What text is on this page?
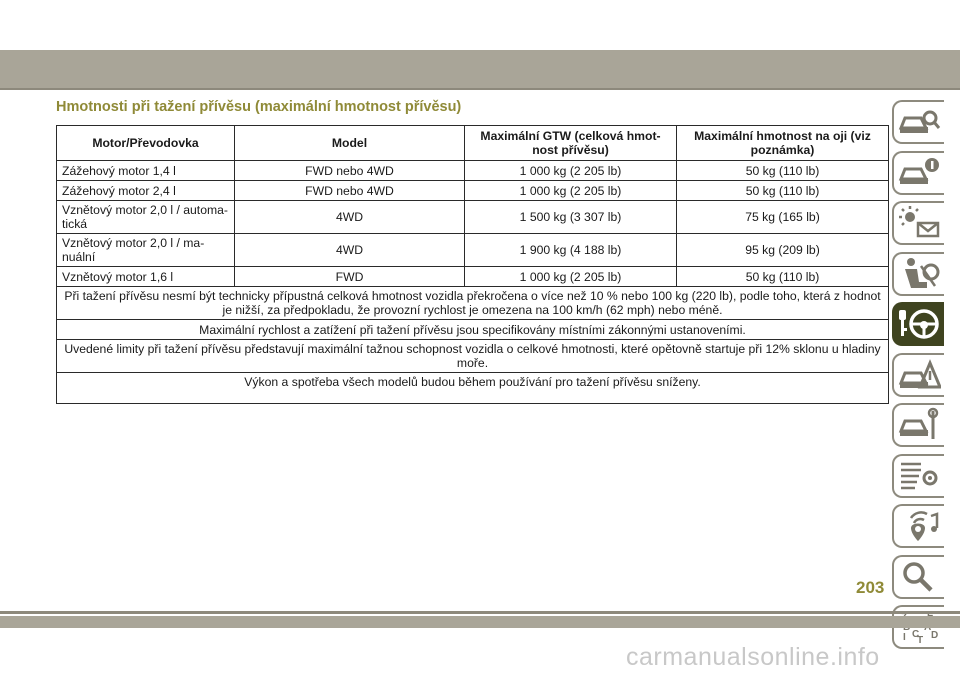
Hmotnosti při tažení přívěsu (maximální hmotnost přívěsu)
Motor/Převodovka	Model	Maximální GTW (celková hmotnost přívěsu)	Maximální hmotnost na oji (viz poznámka)
Zážehový motor 1,4 l	FWD nebo 4WD	1 000 kg (2 205 lb)	50 kg (110 lb)
Zážehový motor 2,4 l	FWD nebo 4WD	1 000 kg (2 205 lb)	50 kg (110 lb)
Vznětový motor 2,0 l / automatická	4WD	1 500 kg (3 307 lb)	75 kg (165 lb)
Vznětový motor 2,0 l / manuální	4WD	1 900 kg (4 188 lb)	95 kg (209 lb)
Vznětový motor 1,6 l	FWD	1 000 kg (2 205 lb)	50 kg (110 lb)
Při tažení přívěsu nesmí být technicky přípustná celková hmotnost vozidla překročena o více než 10 % nebo 100 kg (220 lb), podle toho, která z hodnot je nižší, za předpokladu, že provozní rychlost je omezena na 100 km/h (62 mph) nebo méně.			
Maximální rychlost a zatížení při tažení přívěsu jsou specifikovány místními zákonnými ustanoveními.			
Uvedené limity při tažení přívěsu představují maximální tažnou schopnost vozidla o celkové hmotnosti, které opětovně startuje při 12% sklonu u hladiny moře.			
Výkon a spotřeba všech modelů budou během používání pro tažení přívěsu sníženy.			
I C D
T
203
carmanualsonline.info
